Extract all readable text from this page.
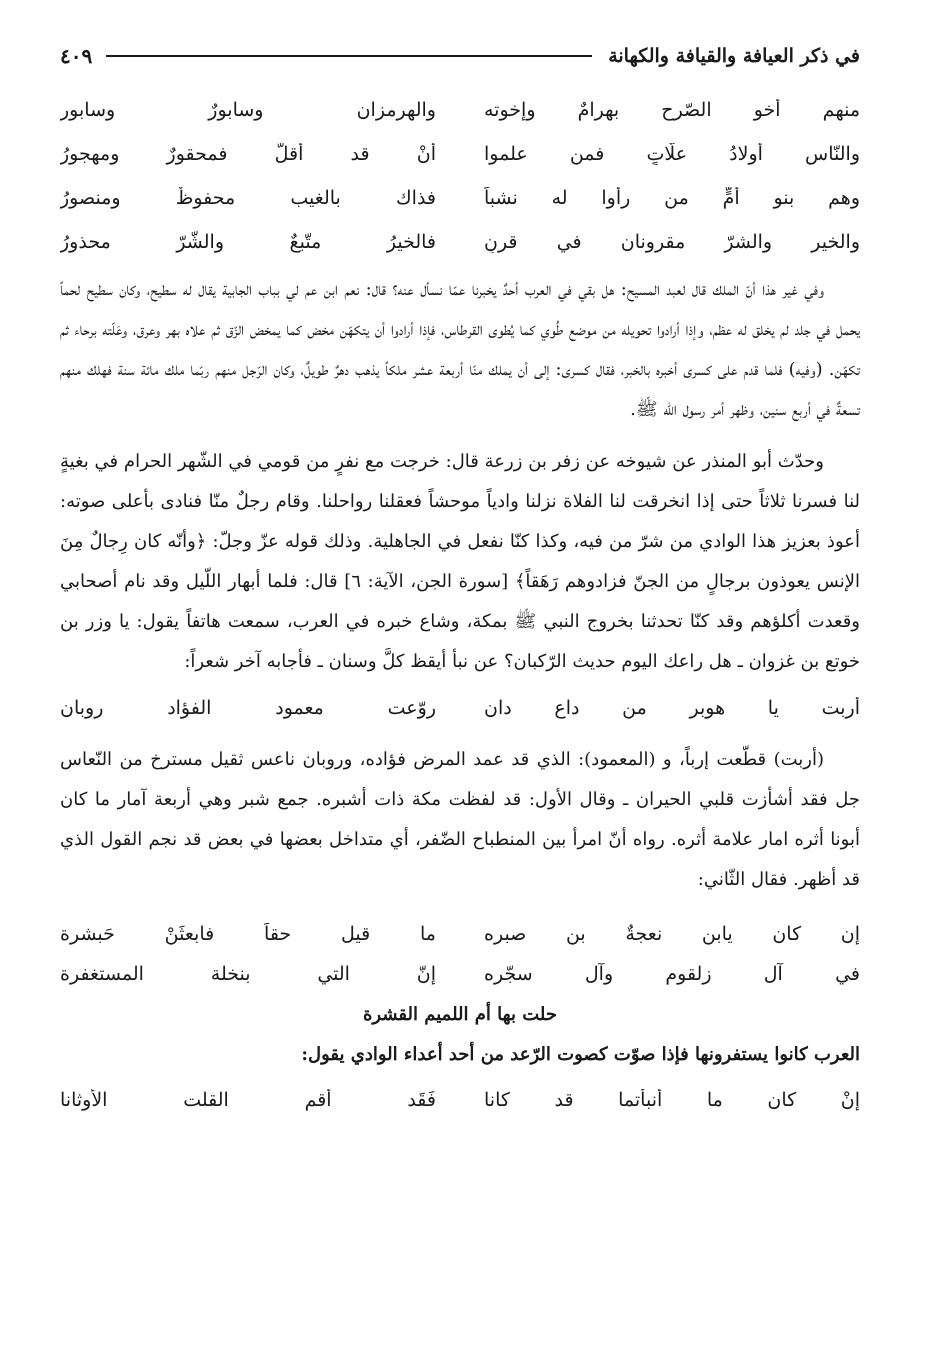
في ذكر العيافة والقيافة والكهانة
٤٠٩
منهم أخو الصّرح بهرامٌ وإخوته
والهرمزان وسابورٌ وسابور
والنّاس أولادُ علّاتٍ فمن علموا
أنْ قد أقلَّ فمحقورٌ ومهجورُ
وهم بنو أمٍّ من رأوا له نشباً
فذاك بالغيب محفوظٌ ومنصورُ
والخير والشرّ مقرونان في قرنٍ
فالخيرُ متّبعٌ والشّرّ محذورُ

وفي غير هذا أنّ الملك قال لعبد المسيح: هل بقي في العرب أحدٌ يخبرنا عمّا نسأل عنه؟ قال: نعم ابن عم لي بباب الجابية يقال له سطيح، وكان سطيح لحماً يحمل في جلد لم يخلق له عظم، وإذا أرادوا تحويله من موضع طُوي كما يُطوى القرطاس، فإذا أرادوا أن يتكهّن مخض كما يمخض الزّق ثم علاه بهر وعرق، وعَلّته برحاء ثم تكهّن. (وفيه) فلما قدم على كسرى أخبره بالخبر، فقال كسرى: إلى أن يملك منّا أربعة عشر ملكاً يذهب دهرٌ طويلٌ، وكان الرّجل منهم ربّما ملك مائة سنة فهلك منهم تسعةٌ في أربع سنين، وظهر أمر رسول الله ﷺ.

وحدّث أبو المنذر عن شيوخه عن زفر بن زرعة قال: خرجت مع نفرٍ من قومي في الشّهر الحرام في بغيةٍ لنا فسرنا ثلاثاً حتى إذا انخرقت لنا الفلاة نزلنا وادياً موحشاً فعقلنا رواحلنا. وقام رجلٌ منّا فنادى بأعلى صوته: أعوذ بعزيز هذا الوادي من شرّ من فيه، وكذا كنّا نفعل في الجاهلية. وذلك قوله عزّ وجلّ: ﴿وأنّه كان رِجالٌ مِنَ الإنس يعوذون برجالٍ من الجنّ فزادوهم رَهَقاً﴾ [سورة الجن، الآية: ٦] قال: فلما أبهار اللّيل وقد نام أصحابي وقعدت أكلؤهم وقد كنّا تحدثنا بخروج النبي ﷺ بمكة، وشاع خبره في العرب، سمعت هاتفاً يقول: يا وزر بن خوتع بن غزوان ـ هل راعك اليوم حديث الرّكبان؟ عن نبأ أيقظ كلَّ وسنان ـ فأجابه آخر شعراً:

أربت يا هوبر من داعٍ دان
روّعت معمود الفؤاد روبان

(أربت) قطّعت إرباً، و (المعمود): الذي قد عمد المرض فؤاده، وروبان ناعس ثقيل مسترخ من النّعاس جل فقد أشأزت قلبي الحيران ـ وقال الأول: قد لفظت مكة ذات أشبره. جمع شبر وهي أربعة آمار ما كان أبونا أثره امار علامة أثره. رواه أنّ امرأ بين المنطباح الضّفر، أي متداخل بعضها في بعض قد نجم القول الذي قد أظهر. فقال الثّاني:

إن كان يابن نعجةٌ بن صبره
ما قيل حقاً فابعثَنْ حَبشرة
في آل زلقومٍ وآل سجّره
إنّ التي بنخلة المستغفرة
حلت بها أم اللميم القشرة
العرب كانوا يستفرونها فإذا صوّت كصوت الرّعد من أحد أعداء الوادي يقول:
إنْ كان ما أنبأتما قد كانا
فَقَد أقم القلت الأوثانا
